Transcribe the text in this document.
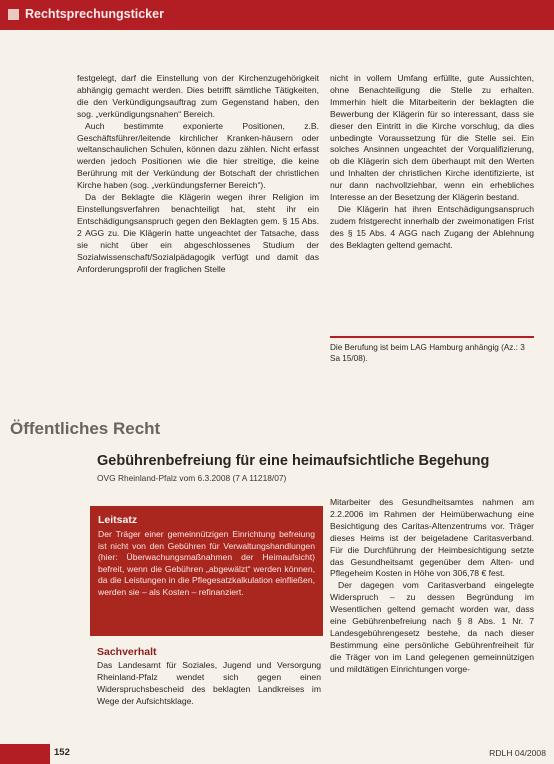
Rechtsprechungsticker

festgelegt, darf die Einstellung von der Kirchenzugehörigkeit abhängig gemacht werden. Dies betrifft sämtliche Tätigkeiten, die den Verkündigungsauftrag zum Gegenstand haben, den sog. „verkündigungsnahen“ Bereich.

Auch bestimmte exponierte Positionen, z.B. Geschäftsführer/leitende kirchlicher Kranken-häusern oder weltanschaulichen Schulen, können dazu zählen. Nicht erfasst werden jedoch Positionen wie die hier streitige, die keine Berührung mit der Verkündung der Botschaft der christlichen Kirche haben (sog. „verkündungsferner Bereich“).

Da der Beklagte die Klägerin wegen ihrer Religion im Einstellungsverfahren benachteiligt hat, steht ihr ein Entschädigungsanspruch gegen den Beklagten gem. § 15 Abs. 2 AGG zu. Die Klägerin hatte ungeachtet der Tatsache, dass sie nicht über ein abgeschlossenes Studium der Sozialwissenschaft/Sozialpädagogik verfügt und damit das Anforderungsprofil der fraglichen Stelle

nicht in vollem Umfang erfüllte, gute Aussichten, ohne Benachteiligung die Stelle zu erhalten. Immerhin hielt die Mitarbeiterin der beklagten die Bewerbung der Klägerin für so interessant, dass sie dieser den Eintritt in die Kirche vorschlug, da dies unbedingte Voraussetzung für die Stelle sei. Ein solches Ansinnen ungeachtet der Vorqualifizierung, ob die Klägerin sich dem überhaupt mit den Werten und Inhalten der christlichen Kirche identifizierte, ist nur dann nachvollziehbar, wenn ein erhebliches Interesse an der Besetzung der Klägerin bestand.

Die Klägerin hat ihren Entschädigungsanspruch zudem fristgerecht innerhalb der zweimonatigen Frist des § 15 Abs. 4 AGG nach Zugang der Ablehnung des Beklagten geltend gemacht.

Die Berufung ist beim LAG Hamburg anhängig (Az.: 3 Sa 15/08).
Öffentliches Recht
Gebührenbefreiung für eine heimaufsichtliche Begehung
OVG Rheinland-Pfalz vom 6.3.2008 (7 A 11218/07)
Leitsatz

Der Träger einer gemeinnützigen Einrichtung befreiung ist nicht von den Gebühren für Verwaltungshandlungen (hier: Überwachungsmaßnahmen der Heimaufsicht) befreit, wenn die Gebühren „abgewälzt“ werden können, da die Leistungen in die Pflegesatzkalkulation einfließen, werden sie – als Kosten – refinanziert.

Sachverhalt

Das Landesamt für Soziales, Jugend und Versorgung Rheinland-Pfalz wendet sich gegen einen Widerspruchsbescheid des beklagten Landkreises im Wege der Aufsichtsklage.

Mitarbeiter des Gesundheitsamtes nahmen am 2.2.2006 im Rahmen der Heimüberwachung eine Besichtigung des Caritas-Altenzentrums vor. Träger dieses Heims ist der beigeladene Caritasverband. Für die Durchführung der Heimbesichtigung setzte das Gesundheitsamt gegenüber dem Alten- und Pflegeheim Kosten in Höhe von 306,78 € fest.

Der dagegen vom Caritasverband eingelegte Widerspruch – zu dessen Begründung im Wesentlichen geltend gemacht worden war, dass eine Gebührenbefreiung nach § 8 Abs. 1 Nr. 7 Landesgebührengesetz bestehe, da nach dieser Bestimmung eine persönliche Gebührenfreiheit für die Träger von im Land gelegenen gemeinnützigen und mildtätigen Einrichtungen vorge-

152	RDLH 04/2008
